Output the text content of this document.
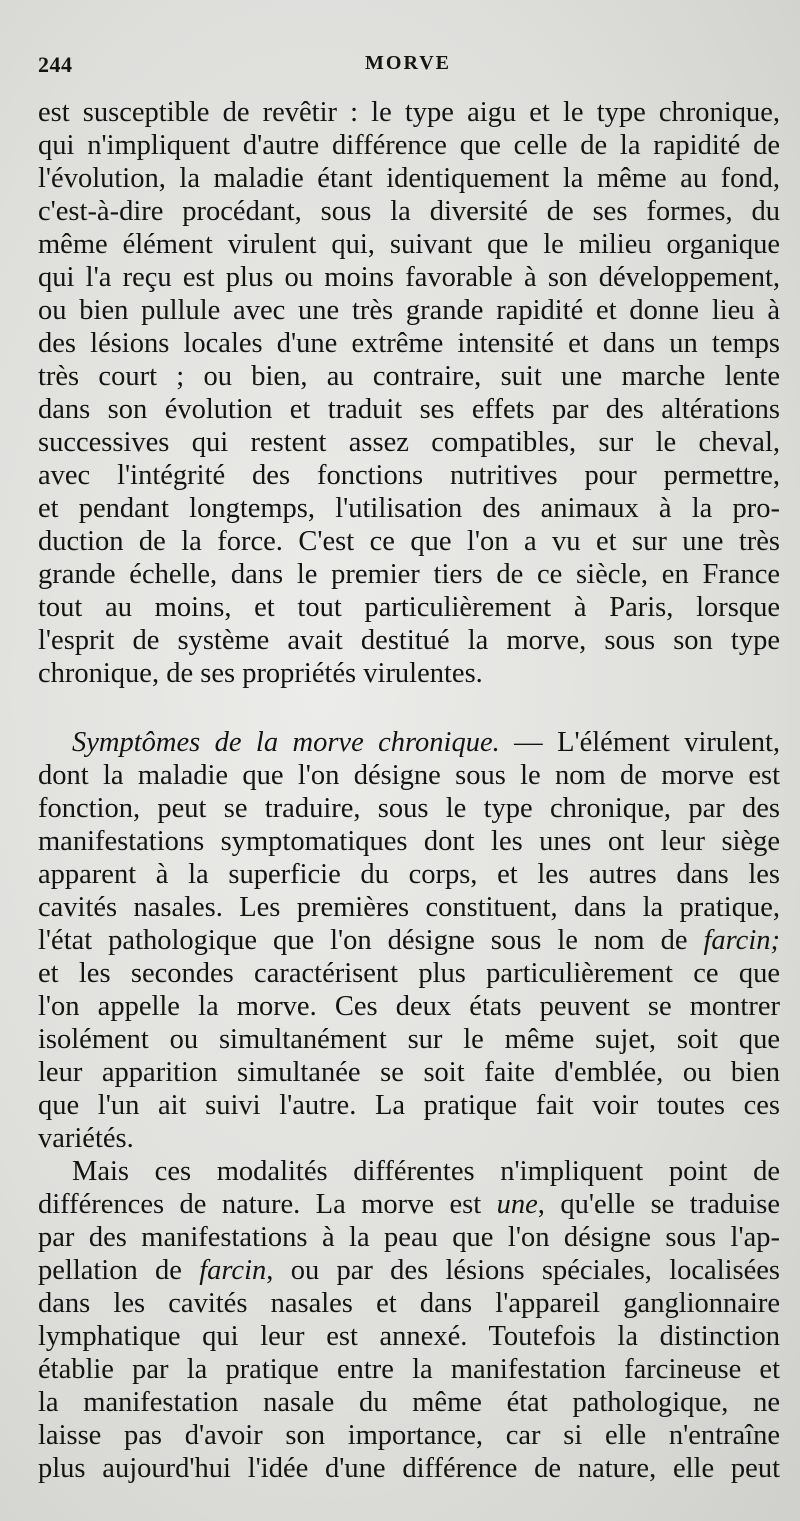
244	MORVE
est susceptible de revêtir : le type aigu et le type chronique,
qui n'impliquent d'autre différence que celle de la rapidité de
l'évolution, la maladie étant identiquement la même au fond,
c'est-à-dire procédant, sous la diversité de ses formes, du
même élément virulent qui, suivant que le milieu organique
qui l'a reçu est plus ou moins favorable à son développement,
ou bien pullule avec une très grande rapidité et donne lieu à
des lésions locales d'une extrême intensité et dans un temps
très court ; ou bien, au contraire, suit une marche lente
dans son évolution et traduit ses effets par des altérations
successives qui restent assez compatibles, sur le cheval,
avec l'intégrité des fonctions nutritives pour permettre,
et pendant longtemps, l'utilisation des animaux à la pro-
duction de la force. C'est ce que l'on a vu et sur une très
grande échelle, dans le premier tiers de ce siècle, en France
tout au moins, et tout particulièrement à Paris, lorsque
l'esprit de système avait destitué la morve, sous son type
chronique, de ses propriétés virulentes.
Symptômes de la morve chronique. — L'élément virulent,
dont la maladie que l'on désigne sous le nom de morve est
fonction, peut se traduire, sous le type chronique, par des
manifestations symptomatiques dont les unes ont leur siège
apparent à la superficie du corps, et les autres dans les
cavités nasales. Les premières constituent, dans la pratique,
l'état pathologique que l'on désigne sous le nom de farcin;
et les secondes caractérisent plus particulièrement ce que
l'on appelle la morve. Ces deux états peuvent se montrer
isolément ou simultanément sur le même sujet, soit que
leur apparition simultanée se soit faite d'emblée, ou bien
que l'un ait suivi l'autre. La pratique fait voir toutes ces
variétés.
Mais ces modalités différentes n'impliquent point de
différences de nature. La morve est une, qu'elle se traduise
par des manifestations à la peau que l'on désigne sous l'ap-
pellation de farcin, ou par des lésions spéciales, localisées
dans les cavités nasales et dans l'appareil ganglionnaire
lymphatique qui leur est annexé. Toutefois la distinction
établie par la pratique entre la manifestation farcineuse et
la manifestation nasale du même état pathologique, ne
laisse pas d'avoir son importance, car si elle n'entraîne
plus aujourd'hui l'idée d'une différence de nature, elle peut
